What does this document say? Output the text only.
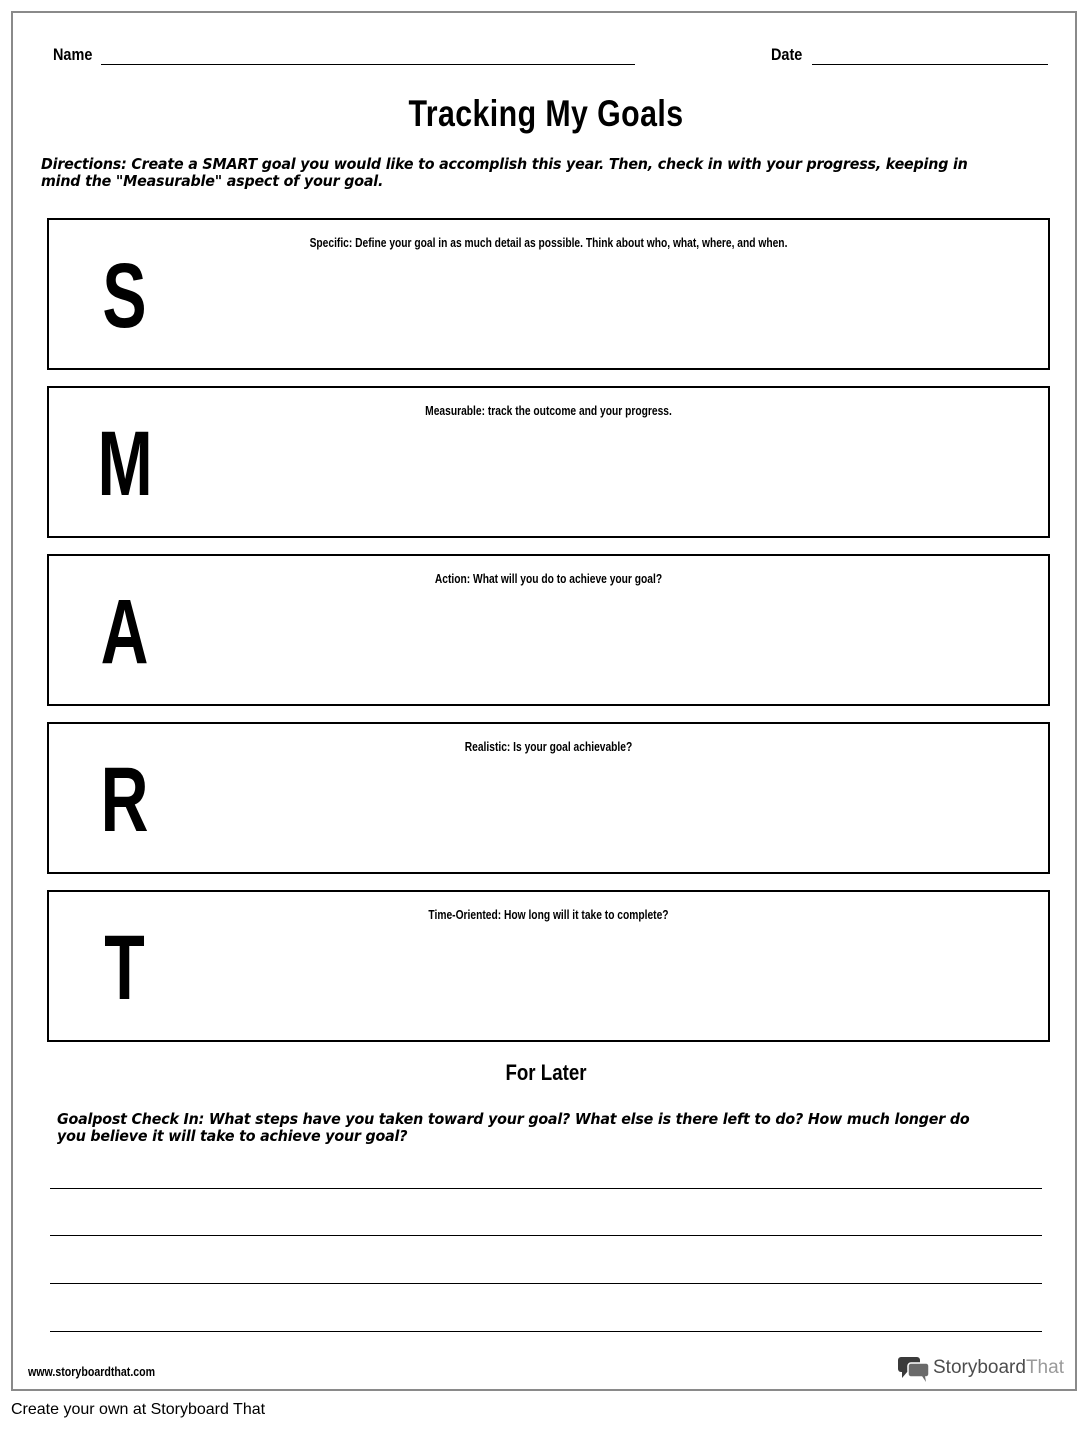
Name	Date
Tracking My Goals
Directions: Create a SMART goal you would like to accomplish this year. Then, check in with your progress, keeping in mind the "Measurable" aspect of your goal.
S
Specific: Define your goal in as much detail as possible. Think about who, what, where, and when.
M
Measurable: track the outcome and your progress.
A
Action: What will you do to achieve your goal?
R
Realistic: Is your goal achievable?
T
Time-Oriented: How long will it take to complete?
For Later
Goalpost Check In: What steps have you taken toward your goal? What else is there left to do? How much longer do you believe it will take to achieve your goal?
www.storyboardthat.com	StoryboardThat
Create your own at Storyboard That
